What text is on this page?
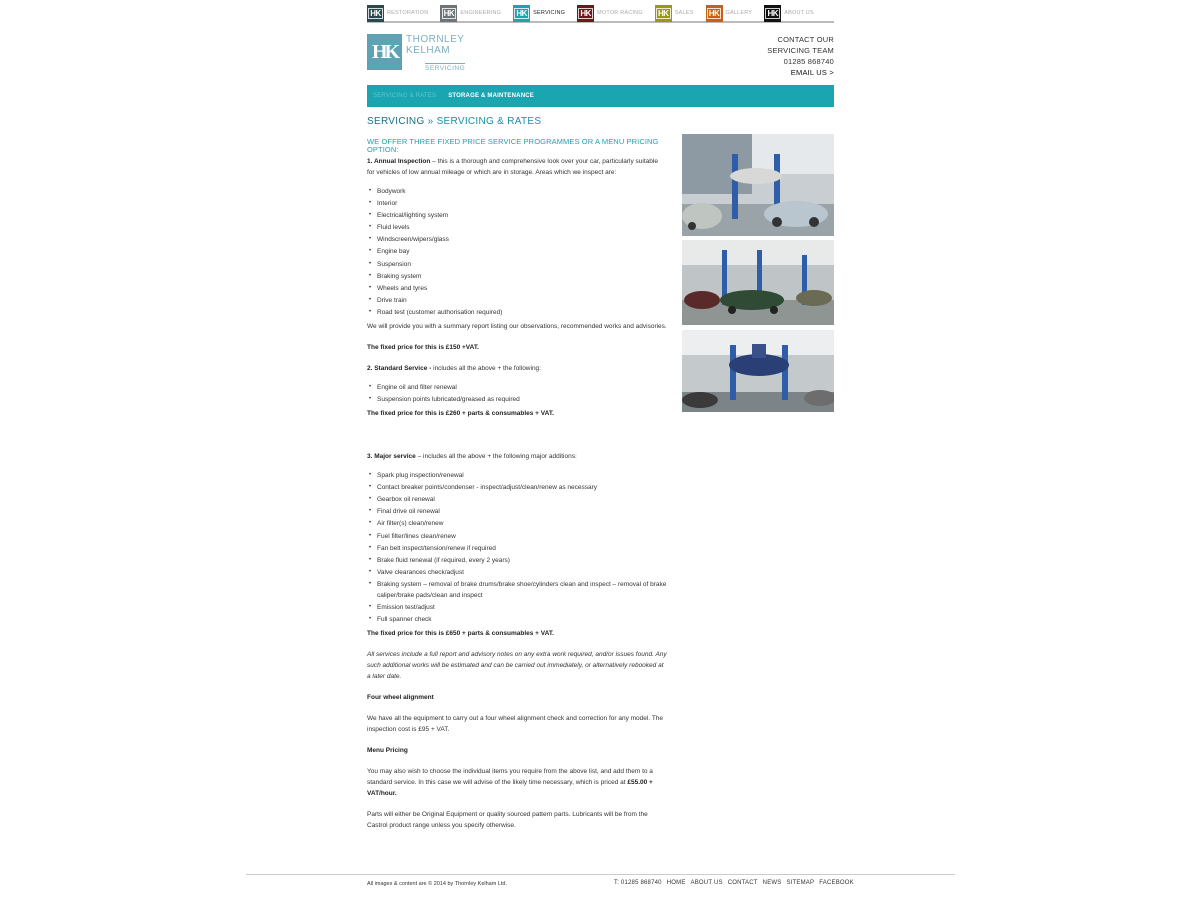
HK	RESTORATION HK	ENGINEERING HK	SERVICING HK	MOTOR RACING HK	SALES HK	GALLERY HK	ABOUT US
HK
THORNLEY
KELHAM
SERVICING
CONTACT OUR
SERVICING TEAM
01285 868740
EMAIL US >
SERVICING & RATES STORAGE & MAINTENANCE
SERVICING » SERVICING & RATES
WE OFFER THREE FIXED PRICE SERVICE PROGRAMMES OR A MENU PRICING OPTION:

1. Annual Inspection – this is a thorough and comprehensive look over your car, particularly suitable for vehicles of low annual mileage or which are in storage. Areas which we inspect are:

• Bodywork
• Interior
• Electrical/lighting system
• Fluid levels
• Windscreen/wipers/glass
• Engine bay
• Suspension
• Braking system
• Wheels and tyres
• Drive train
• Road test (customer authorisation required)

We will provide you with a summary report listing our observations, recommended works and advisories.

The fixed price for this is £150 +VAT.

2. Standard Service - includes all the above + the following:

• Engine oil and filter renewal
• Suspension points lubricated/greased as required

The fixed price for this is £260 + parts & consumables + VAT.

3. Major service – includes all the above + the following major additions:

• Spark plug inspection/renewal
• Contact breaker points/condenser - inspect/adjust/clean/renew as necessary
• Gearbox oil renewal
• Final drive oil renewal
• Air filter(s) clean/renew
• Fuel filter/lines clean/renew
• Fan belt inspect/tension/renew if required
• Brake fluid renewal (if required, every 2 years)
• Valve clearances check/adjust
• Braking system – removal of brake drums/brake shoe/cylinders clean and inspect – removal of brake caliper/brake pads/clean and inspect
• Emission test/adjust
• Full spanner check

The fixed price for this is £650 + parts & consumables + VAT.

All services include a full report and advisory notes on any extra work required, and/or issues found. Any such additional works will be estimated and can be carried out immediately, or alternatively rebooked at a later date.

Four wheel alignment

We have all the equipment to carry out a four wheel alignment check and correction for any model. The inspection cost is £95 + VAT.

Menu Pricing

You may also wish to choose the individual items you require from the above list, and add them to a standard service. In this case we will advise of the likely time necessary, which is priced at £55.00 + VAT/hour.

Parts will either be Original Equipment or quality sourced pattern parts. Lubricants will be from the Castrol product range unless you specify otherwise.

All images & content are © 2014 by Thornley Kelham Ltd.	T: 01285 868740 HOME ABOUT US CONTACT NEWS SITEMAP FACEBOOK
